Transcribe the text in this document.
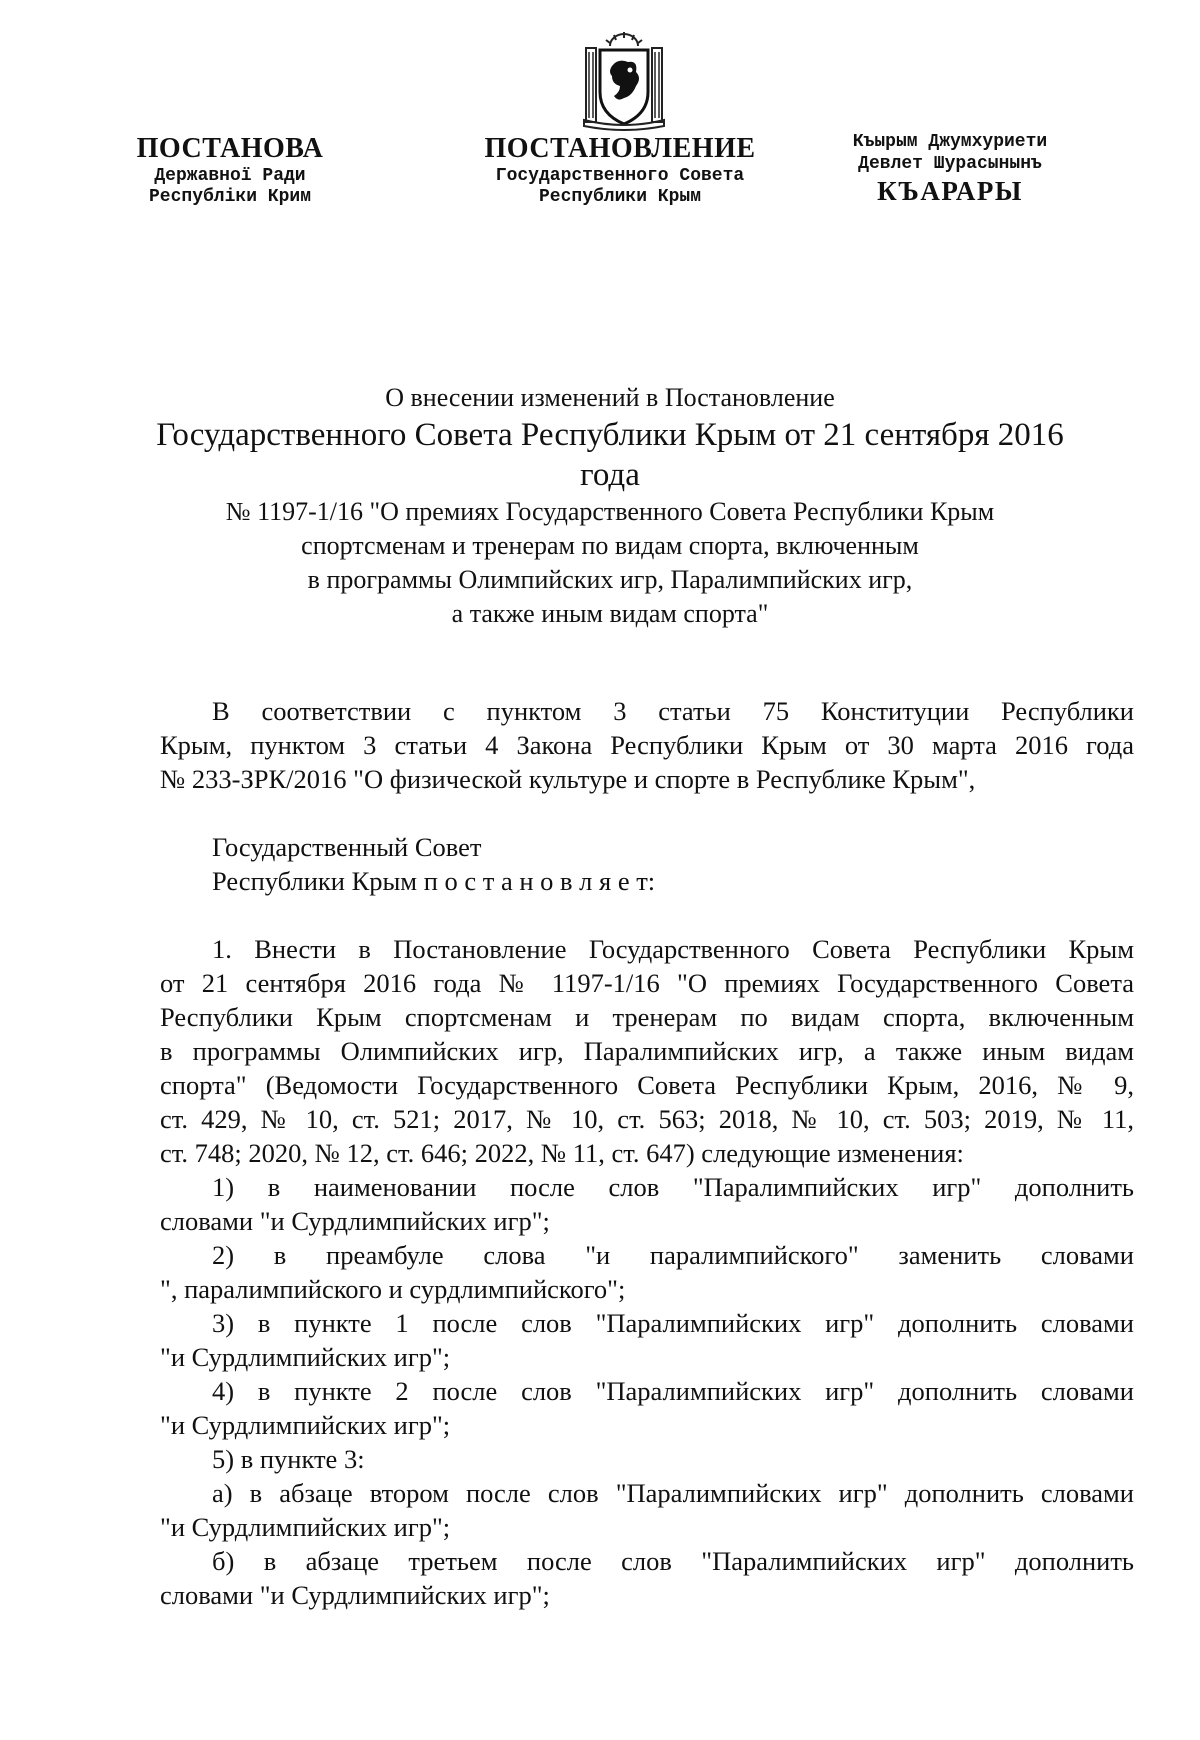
ПОСТАНОВА
Державної Ради
Республіки Крим
ПОСТАНОВЛЕНИЕ
Государственного Совета
Республики Крым
Къырым Джумхуриети
Девлет Шурасынынъ
КЪАРАРЫ
О внесении изменений в Постановление
Государственного Совета Республики Крым от 21 сентября 2016 года
№ 1197-1/16 "О премиях Государственного Совета Республики Крым
спортсменам и тренерам по видам спорта, включенным
в программы Олимпийских игр, Паралимпийских игр,
а также иным видам спорта"
В соответствии с пунктом 3 статьи 75 Конституции Республики
Крым, пунктом 3 статьи 4 Закона Республики Крым от 30 марта 2016 года
№ 233-ЗРК/2016 "О физической культуре и спорте в Республике Крым",
Государственный Совет
Республики Крым п о с т а н о в л я е т:
1. Внести в Постановление Государственного Совета Республики Крым
от 21 сентября 2016 года № 1197-1/16 "О премиях Государственного Совета
Республики Крым спортсменам и тренерам по видам спорта, включенным
в программы Олимпийских игр, Паралимпийских игр, а также иным видам
спорта" (Ведомости Государственного Совета Республики Крым, 2016, № 9,
ст. 429, № 10, ст. 521; 2017, № 10, ст. 563; 2018, № 10, ст. 503; 2019, № 11,
ст. 748; 2020, № 12, ст. 646; 2022, № 11, ст. 647) следующие изменения:
1) в наименовании после слов "Паралимпийских игр" дополнить
словами "и Сурдлимпийских игр";
2) в преамбуле слова "и паралимпийского" заменить словами
", паралимпийского и сурдлимпийского";
3) в пункте 1 после слов "Паралимпийских игр" дополнить словами
"и Сурдлимпийских игр";
4) в пункте 2 после слов "Паралимпийских игр" дополнить словами
"и Сурдлимпийских игр";
5) в пункте 3:
а) в абзаце втором после слов "Паралимпийских игр" дополнить словами
"и Сурдлимпийских игр";
б) в абзаце третьем после слов "Паралимпийских игр" дополнить
словами "и Сурдлимпийских игр";
